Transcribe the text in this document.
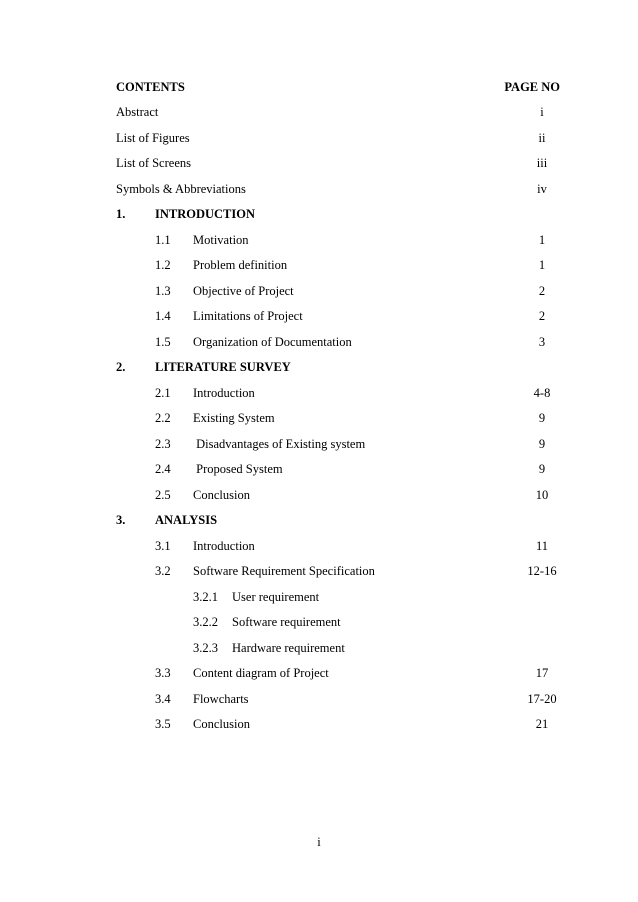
CONTENTS	PAGE NO
Abstract	i
List of Figures	ii
List of Screens	iii
Symbols & Abbreviations	iv
1. INTRODUCTION
1.1 Motivation	1
1.2 Problem definition	1
1.3 Objective of Project	2
1.4 Limitations of Project	2
1.5 Organization of Documentation	3
2. LITERATURE SURVEY
2.1 Introduction	4-8
2.2 Existing System	9
2.3 Disadvantages of Existing system	9
2.4 Proposed System	9
2.5 Conclusion	10
3. ANALYSIS
3.1 Introduction	11
3.2 Software Requirement Specification	12-16
3.2.1 User requirement
3.2.2 Software requirement
3.2.3 Hardware requirement
3.3 Content diagram of Project	17
3.4 Flowcharts	17-20
3.5 Conclusion	21
i
